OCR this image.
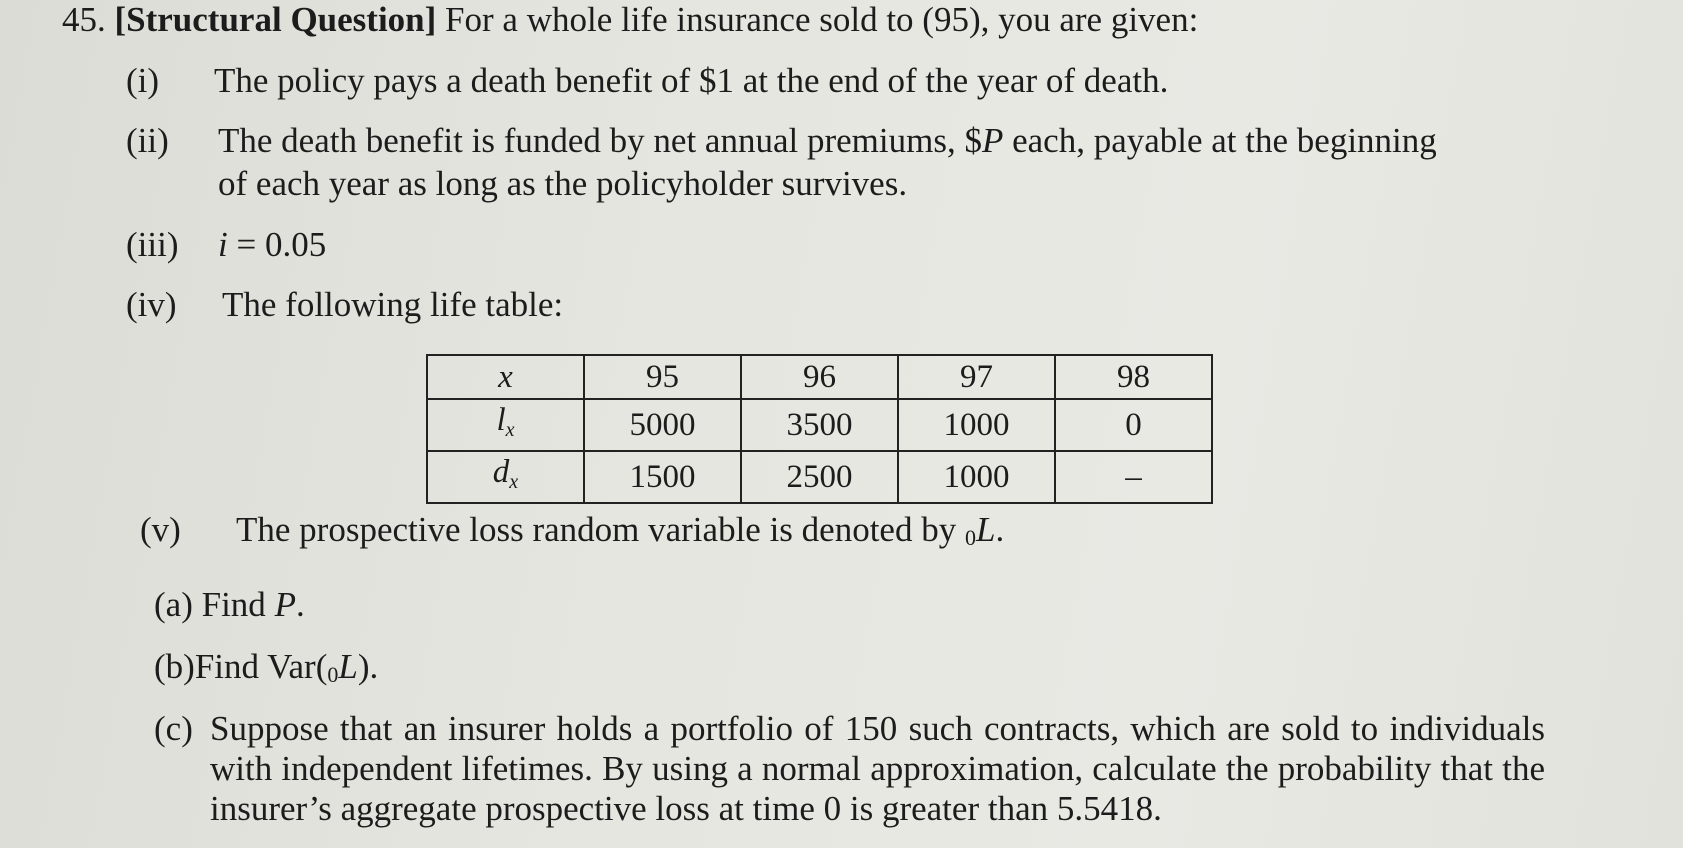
45. [Structural Question] For a whole life insurance sold to (95), you are given:
(i) The policy pays a death benefit of $1 at the end of the year of death.
(ii) The death benefit is funded by net annual premiums, $P each, payable at the beginning
of each year as long as the policyholder survives.
(iii) i = 0.05
(iv) The following life table:
x	95	96	97	98
$l_x$	5000	3500	1000	0
$d_x$	1500	2500	1000	–
(v) The prospective loss random variable is denoted by 0L.
(a) Find P.
(b)Find Var(0L).
(c) Suppose that an insurer holds a portfolio of 150 such contracts, which are sold to individuals with independent lifetimes. By using a normal approximation, calculate the probability that the insurer’s aggregate prospective loss at time 0 is greater than 5.5418.
